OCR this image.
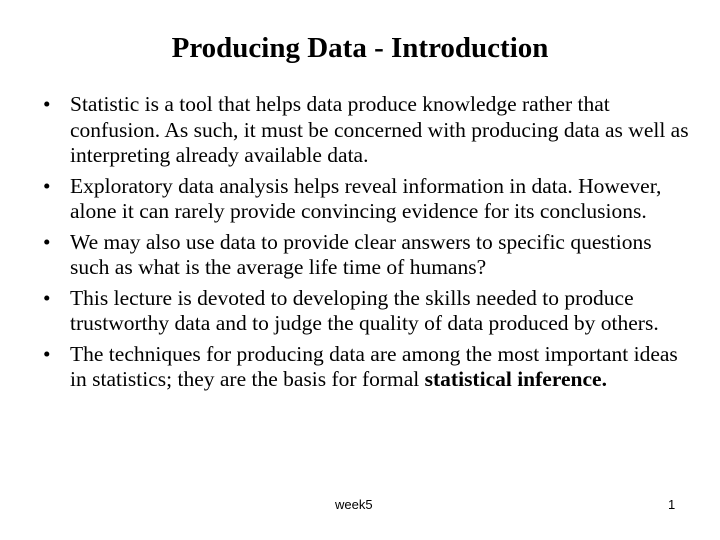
Producing Data - Introduction
• Statistic is a tool that helps data produce knowledge rather that confusion. As such, it must be concerned with producing data as well as interpreting already available data.
• Exploratory data analysis helps reveal information in data. However, alone it can rarely provide convincing evidence for its conclusions.
• We may also use data to provide clear answers to specific questions such as what is the average life time of humans?
• This lecture is devoted to developing the skills needed to produce trustworthy data and to judge the quality of data produced by others.
• The techniques for producing data are among the most important ideas in statistics; they are the basis for formal statistical inference.
week5	1
